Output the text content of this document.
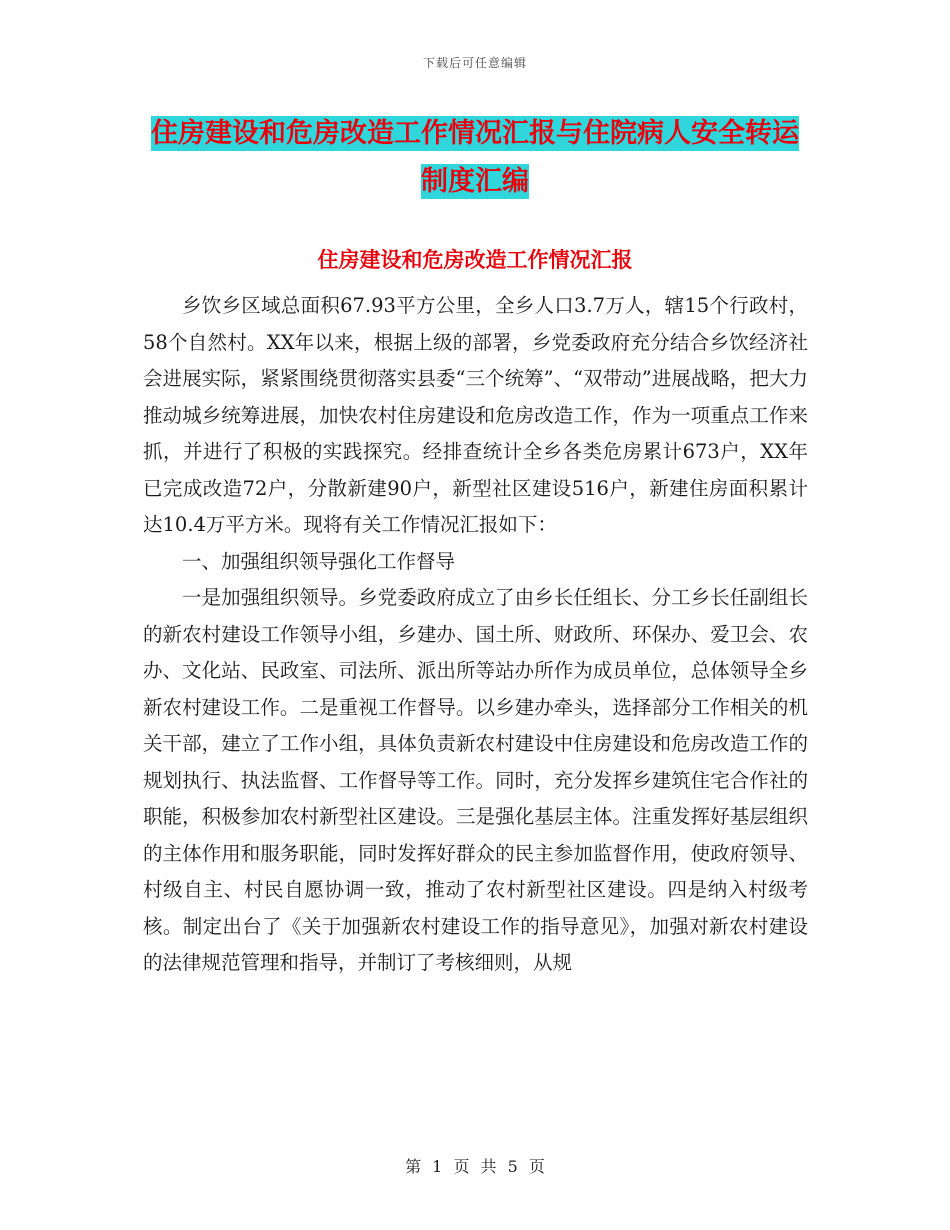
下载后可任意编辑
住房建设和危房改造工作情况汇报与住院病人安全转运制度汇编
住房建设和危房改造工作情况汇报

乡饮乡区域总面积67.93平方公里，全乡人口3.7万人，辖15个行政村，58个自然村。XX年以来，根据上级的部署，乡党委政府充分结合乡饮经济社会进展实际，紧紧围绕贯彻落实县委“三个统筹”、“双带动”进展战略，把大力推动城乡统筹进展，加快农村住房建设和危房改造工作，作为一项重点工作来抓，并进行了积极的实践探究。经排查统计全乡各类危房累计673户，XX年已完成改造72户，分散新建90户，新型社区建设516户，新建住房面积累计达10.4万平方米。现将有关工作情况汇报如下：

一、加强组织领导强化工作督导

一是加强组织领导。乡党委政府成立了由乡长任组长、分工乡长任副组长的新农村建设工作领导小组，乡建办、国土所、财政所、环保办、爱卫会、农办、文化站、民政室、司法所、派出所等站办所作为成员单位，总体领导全乡新农村建设工作。二是重视工作督导。以乡建办牵头，选择部分工作相关的机关干部，建立了工作小组，具体负责新农村建设中住房建设和危房改造工作的规划执行、执法监督、工作督导等工作。同时，充分发挥乡建筑住宅合作社的职能，积极参加农村新型社区建设。三是强化基层主体。注重发挥好基层组织的主体作用和服务职能，同时发挥好群众的民主参加监督作用，使政府领导、村级自主、村民自愿协调一致，推动了农村新型社区建设。四是纳入村级考核。制定出台了《关于加强新农村建设工作的指导意见》，加强对新农村建设的法律规范管理和指导，并制订了考核细则，从规

第 1 页 共 5 页
